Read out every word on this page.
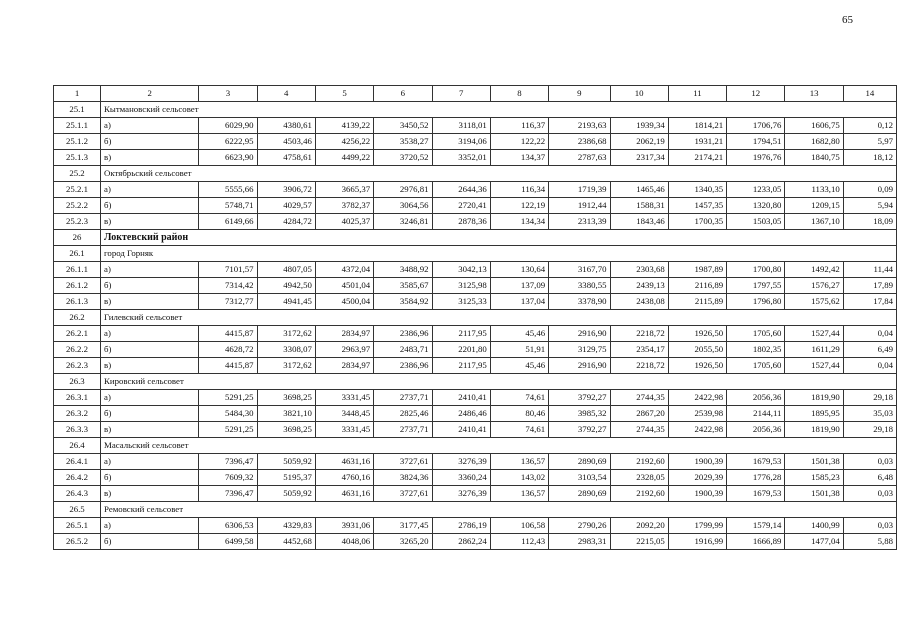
65
1	2	3	4	5	6	7	8	9	10	11	12	13	14
25.1	Кытмановский сельсовет												
25.1.1	а)	6029,90	4380,61	4139,22	3450,52	3118,01	116,37	2193,63	1939,34	1814,21	1706,76	1606,75	0,12
25.1.2	б)	6222,95	4503,46	4256,22	3538,27	3194,06	122,22	2386,68	2062,19	1931,21	1794,51	1682,80	5,97
25.1.3	в)	6623,90	4758,61	4499,22	3720,52	3352,01	134,37	2787,63	2317,34	2174,21	1976,76	1840,75	18,12
25.2	Октябрьский сельсовет												
25.2.1	а)	5555,66	3906,72	3665,37	2976,81	2644,36	116,34	1719,39	1465,46	1340,35	1233,05	1133,10	0,09
25.2.2	б)	5748,71	4029,57	3782,37	3064,56	2720,41	122,19	1912,44	1588,31	1457,35	1320,80	1209,15	5,94
25.2.3	в)	6149,66	4284,72	4025,37	3246,81	2878,36	134,34	2313,39	1843,46	1700,35	1503,05	1367,10	18,09
26	Локтевский район												
26.1	город Горняк												
26.1.1	а)	7101,57	4807,05	4372,04	3488,92	3042,13	130,64	3167,70	2303,68	1987,89	1700,80	1492,42	11,44
26.1.2	б)	7314,42	4942,50	4501,04	3585,67	3125,98	137,09	3380,55	2439,13	2116,89	1797,55	1576,27	17,89
26.1.3	в)	7312,77	4941,45	4500,04	3584,92	3125,33	137,04	3378,90	2438,08	2115,89	1796,80	1575,62	17,84
26.2	Гилевский сельсовет												
26.2.1	а)	4415,87	3172,62	2834,97	2386,96	2117,95	45,46	2916,90	2218,72	1926,50	1705,60	1527,44	0,04
26.2.2	б)	4628,72	3308,07	2963,97	2483,71	2201,80	51,91	3129,75	2354,17	2055,50	1802,35	1611,29	6,49
26.2.3	в)	4415,87	3172,62	2834,97	2386,96	2117,95	45,46	2916,90	2218,72	1926,50	1705,60	1527,44	0,04
26.3	Кировский сельсовет												
26.3.1	а)	5291,25	3698,25	3331,45	2737,71	2410,41	74,61	3792,27	2744,35	2422,98	2056,36	1819,90	29,18
26.3.2	б)	5484,30	3821,10	3448,45	2825,46	2486,46	80,46	3985,32	2867,20	2539,98	2144,11	1895,95	35,03
26.3.3	в)	5291,25	3698,25	3331,45	2737,71	2410,41	74,61	3792,27	2744,35	2422,98	2056,36	1819,90	29,18
26.4	Масальский сельсовет												
26.4.1	а)	7396,47	5059,92	4631,16	3727,61	3276,39	136,57	2890,69	2192,60	1900,39	1679,53	1501,38	0,03
26.4.2	б)	7609,32	5195,37	4760,16	3824,36	3360,24	143,02	3103,54	2328,05	2029,39	1776,28	1585,23	6,48
26.4.3	в)	7396,47	5059,92	4631,16	3727,61	3276,39	136,57	2890,69	2192,60	1900,39	1679,53	1501,38	0,03
26.5	Ремовский сельсовет												
26.5.1	а)	6306,53	4329,83	3931,06	3177,45	2786,19	106,58	2790,26	2092,20	1799,99	1579,14	1400,99	0,03
26.5.2	б)	6499,58	4452,68	4048,06	3265,20	2862,24	112,43	2983,31	2215,05	1916,99	1666,89	1477,04	5,88
